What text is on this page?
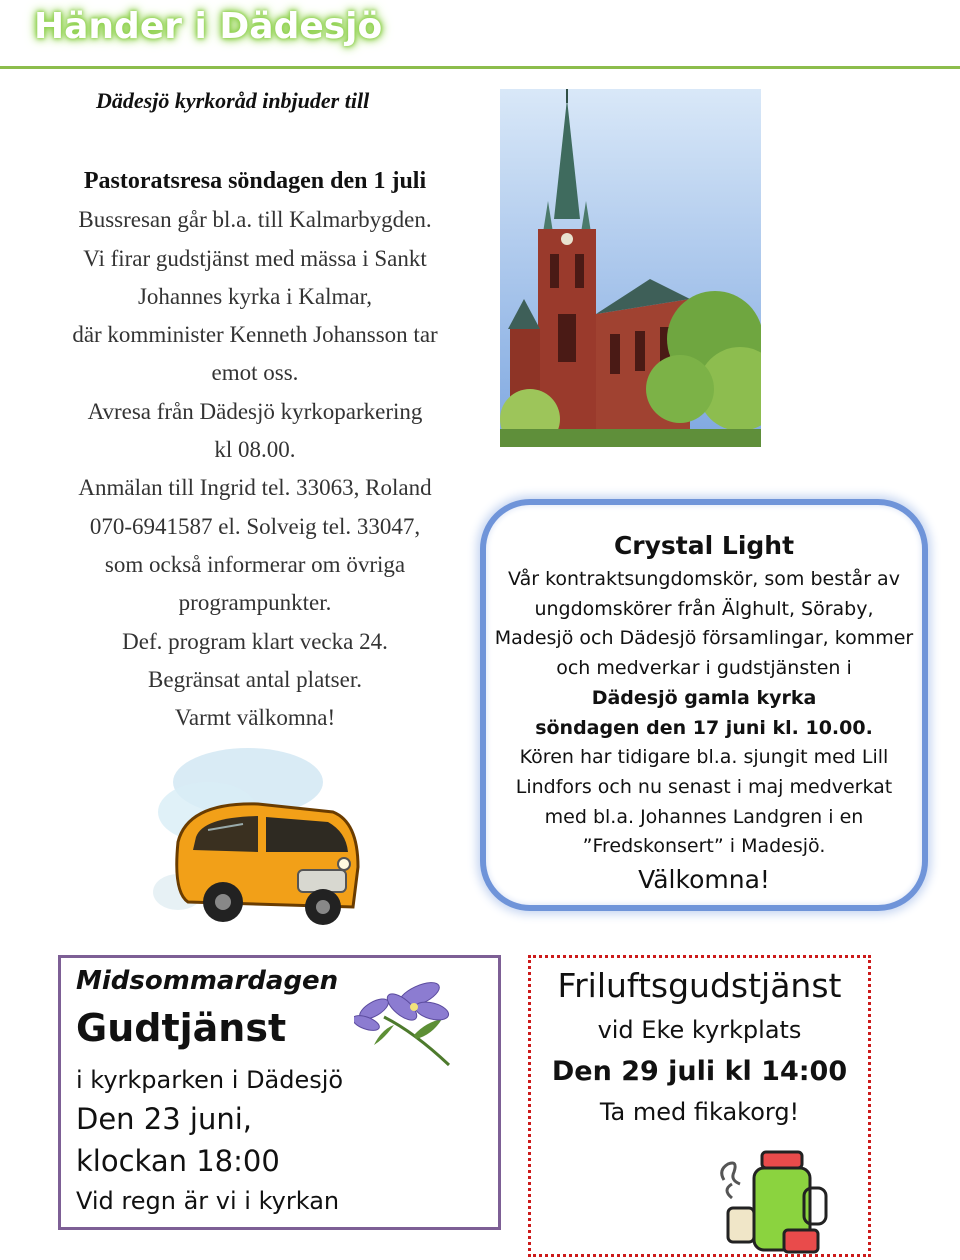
Händer i Dädesjö
Dädesjö kyrkoråd inbjuder till
Pastoratsresa söndagen den 1 juli
Bussresan går bl.a. till Kalmarbygden.
Vi firar gudstjänst med mässa i Sankt
Johannes kyrka i Kalmar,
där komminister Kenneth Johansson tar
emot oss.
Avresa från Dädesjö kyrkoparkering
kl 08.00.
Anmälan till Ingrid tel. 33063, Roland
070-6941587 el. Solveig tel. 33047,
som också informerar om övriga
programpunkter.
Def. program klart vecka 24.
Begränsat antal platser.
Varmt välkomna!
Crystal Light
Vår kontraktsungdomskör, som består av
ungdomskörer från Älghult, Söraby,
Madesjö och Dädesjö församlingar, kommer
och medverkar i gudstjänsten i
Dädesjö gamla kyrka
söndagen den 17 juni kl. 10.00.
Kören har tidigare bl.a. sjungit med Lill
Lindfors och nu senast i maj medverkat
med bl.a. Johannes Landgren i en
”Fredskonsert” i Madesjö.
Välkomna!
Midsommardagen
Gudtjänst
i kyrkparken i Dädesjö
Den 23 juni,
klockan 18:00
Vid regn är vi i kyrkan
Friluftsgudstjänst
vid Eke kyrkplats
Den 29 juli kl 14:00
Ta med fikakorg!
